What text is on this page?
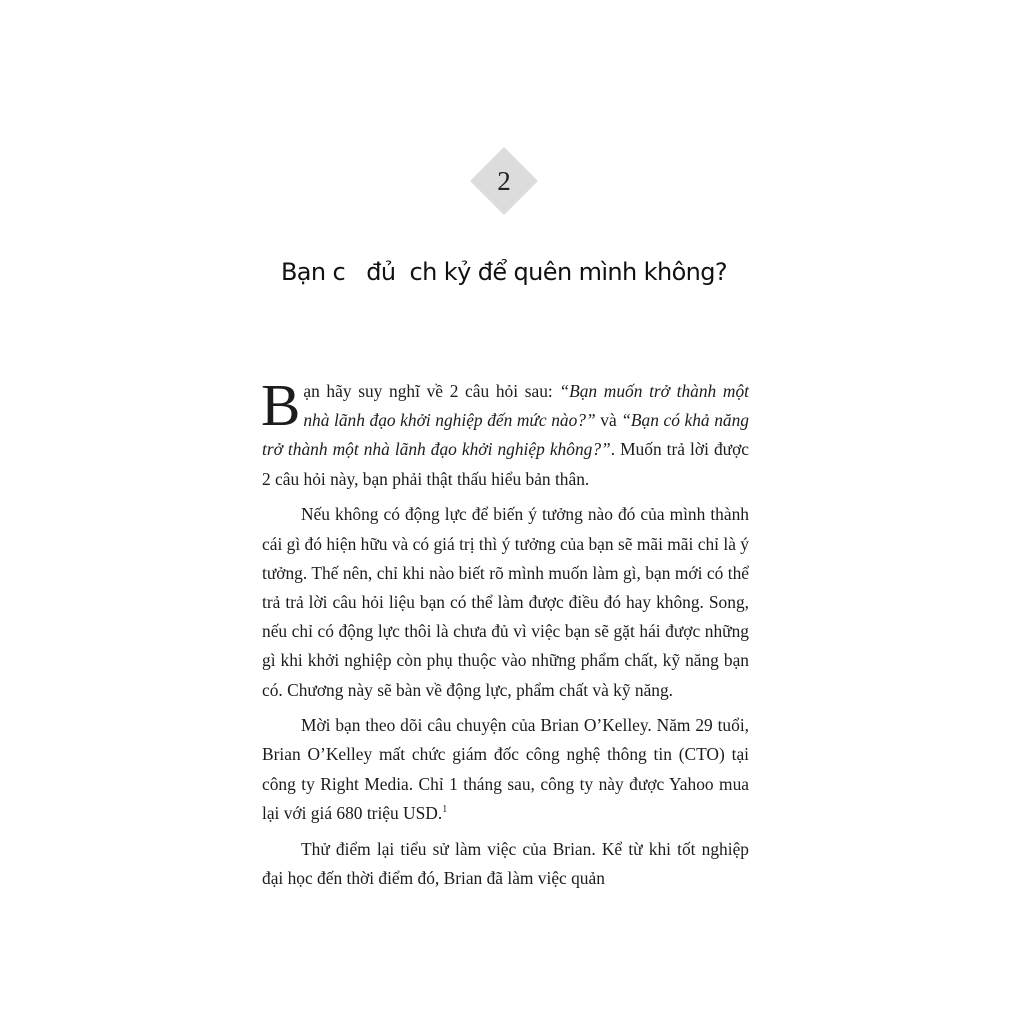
2
Bạn c   đủ  ch kỷ để quên mình không?

Bạn hãy suy nghĩ về 2 câu hỏi sau: “Bạn muốn trở thành một nhà lãnh đạo khởi nghiệp đến mức nào?” và “Bạn có khả năng trở thành một nhà lãnh đạo khởi nghiệp không?”. Muốn trả lời được 2 câu hỏi này, bạn phải thật thấu hiểu bản thân.

Nếu không có động lực để biến ý tưởng nào đó của mình thành cái gì đó hiện hữu và có giá trị thì ý tưởng của bạn sẽ mãi mãi chỉ là ý tưởng. Thế nên, chỉ khi nào biết rõ mình muốn làm gì, bạn mới có thể trả trả lời câu hỏi liệu bạn có thể làm được điều đó hay không. Song, nếu chỉ có động lực thôi là chưa đủ vì việc bạn sẽ gặt hái được những gì khi khởi nghiệp còn phụ thuộc vào những phẩm chất, kỹ năng bạn có. Chương này sẽ bàn về động lực, phẩm chất và kỹ năng.

Mời bạn theo dõi câu chuyện của Brian O’Kelley. Năm 29 tuổi, Brian O’Kelley mất chức giám đốc công nghệ thông tin (CTO) tại công ty Right Media. Chỉ 1 tháng sau, công ty này được Yahoo mua lại với giá 680 triệu USD.$^1$

Thử điểm lại tiểu sử làm việc của Brian. Kể từ khi tốt nghiệp đại học đến thời điểm đó, Brian đã làm việc quản
